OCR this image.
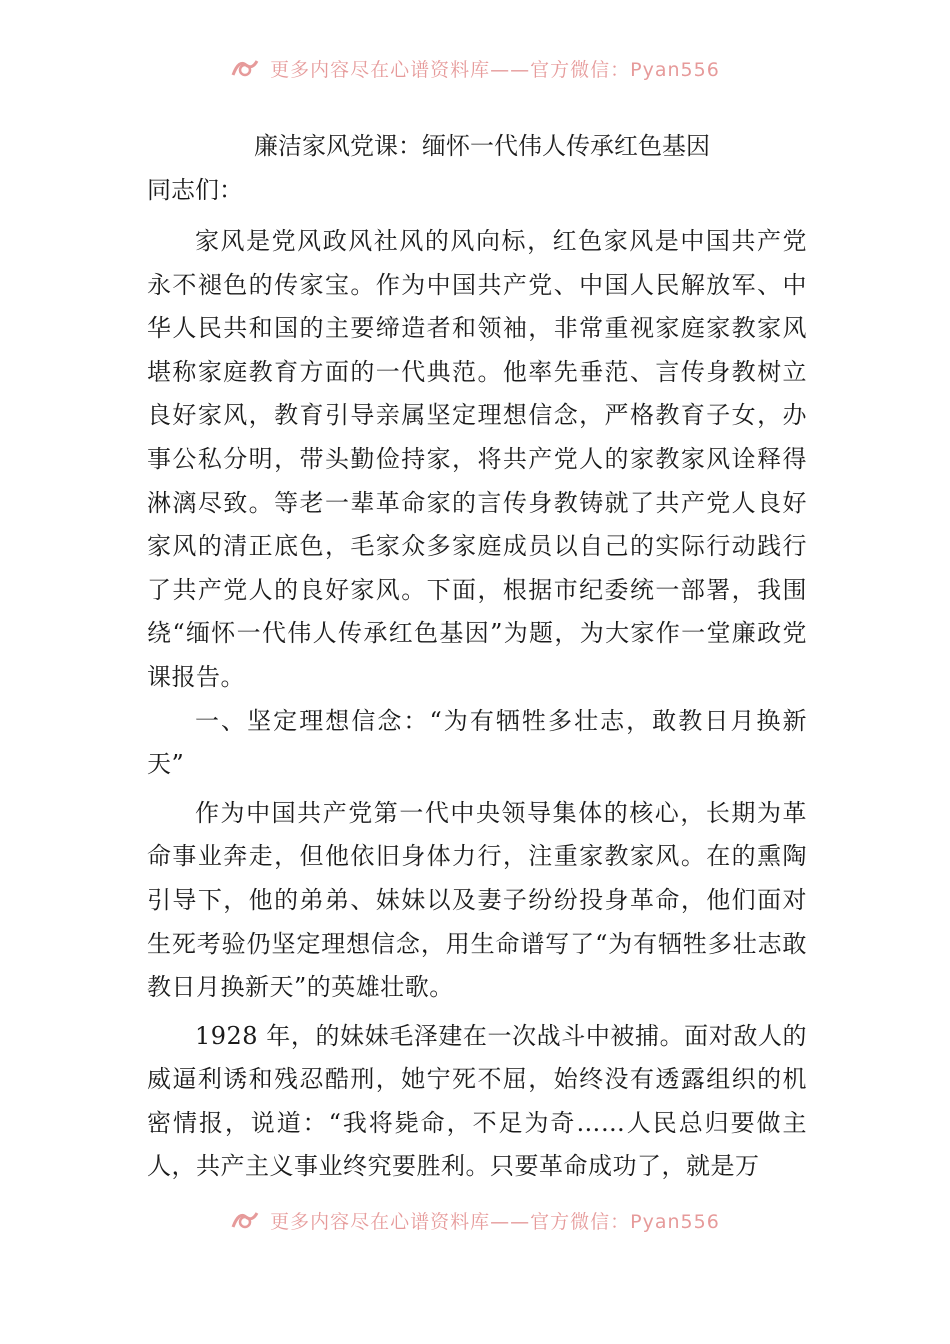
更多内容尽在心谱资料库——官方微信：Pyan556
廉洁家风党课：缅怀一代伟人传承红色基因

同志们：

家风是党风政风社风的风向标，红色家风是中国共产党永不褪色的传家宝。作为中国共产党、中国人民解放军、中华人民共和国的主要缔造者和领袖，非常重视家庭家教家风堪称家庭教育方面的一代典范。他率先垂范、言传身教树立良好家风，教育引导亲属坚定理想信念，严格教育子女，办事公私分明，带头勤俭持家，将共产党人的家教家风诠释得淋漓尽致。等老一辈革命家的言传身教铸就了共产党人良好家风的清正底色，毛家众多家庭成员以自己的实际行动践行了共产党人的良好家风。下面，根据市纪委统一部署，我围绕“缅怀一代伟人传承红色基因”为题，为大家作一堂廉政党课报告。

一、坚定理想信念：“为有牺牲多壮志，敢教日月换新天”

作为中国共产党第一代中央领导集体的核心，长期为革命事业奔走，但他依旧身体力行，注重家教家风。在的熏陶引导下，他的弟弟、妹妹以及妻子纷纷投身革命，他们面对生死考验仍坚定理想信念，用生命谱写了“为有牺牲多壮志敢教日月换新天”的英雄壮歌。

1928 年，的妹妹毛泽建在一次战斗中被捕。面对敌人的威逼利诱和残忍酷刑，她宁死不屈，始终没有透露组织的机密情报，说道：“我将毙命，不足为奇……人民总归要做主人，共产主义事业终究要胜利。只要革命成功了，就是万

更多内容尽在心谱资料库——官方微信：Pyan556
